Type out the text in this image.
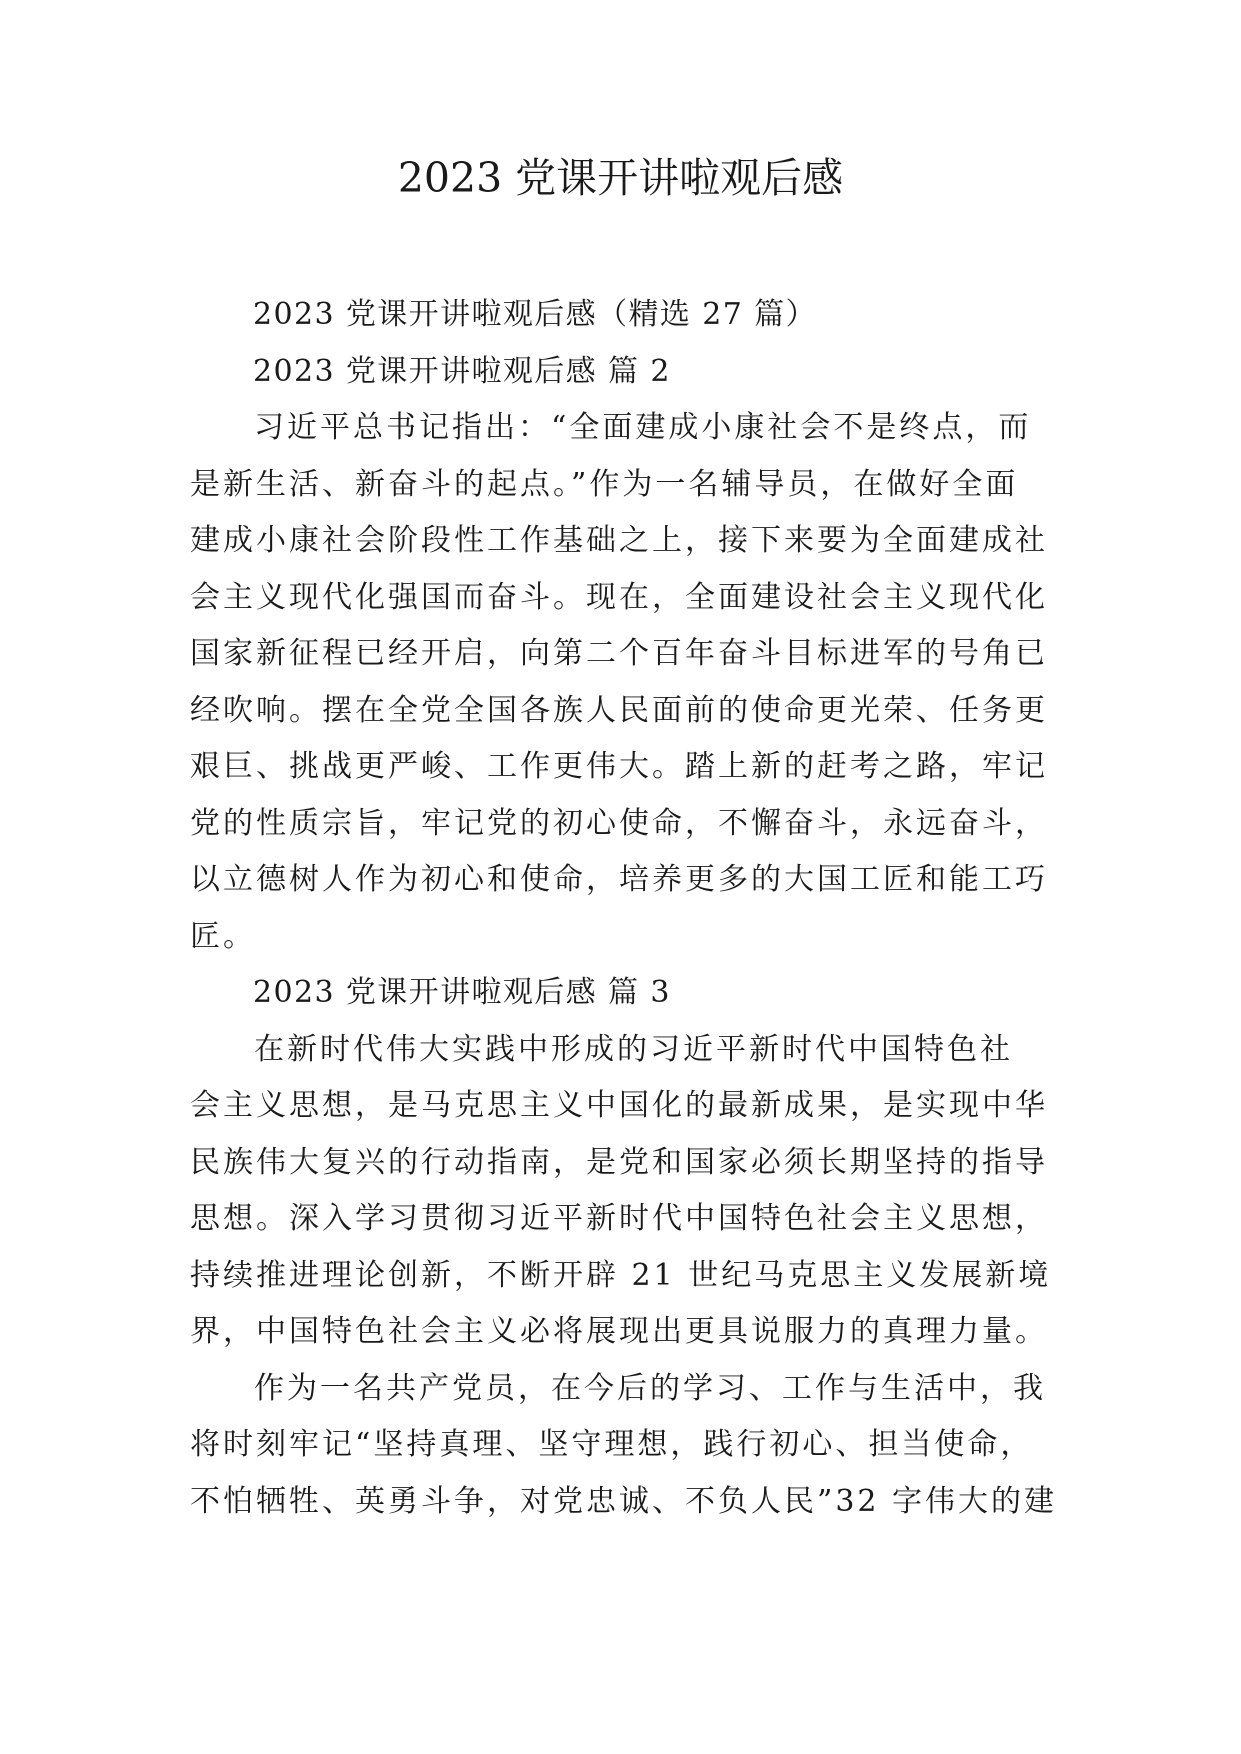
2023 党课开讲啦观后感
2023 党课开讲啦观后感（精选 27 篇）
2023 党课开讲啦观后感 篇 2
习近平总书记指出：“全面建成小康社会不是终点，而
是新生活、新奋斗的起点。”作为一名辅导员，在做好全面
建成小康社会阶段性工作基础之上，接下来要为全面建成社
会主义现代化强国而奋斗。现在，全面建设社会主义现代化
国家新征程已经开启，向第二个百年奋斗目标进军的号角已
经吹响。摆在全党全国各族人民面前的使命更光荣、任务更
艰巨、挑战更严峻、工作更伟大。踏上新的赶考之路，牢记
党的性质宗旨，牢记党的初心使命，不懈奋斗，永远奋斗，
以立德树人作为初心和使命，培养更多的大国工匠和能工巧
匠。
2023 党课开讲啦观后感 篇 3
在新时代伟大实践中形成的习近平新时代中国特色社
会主义思想，是马克思主义中国化的最新成果，是实现中华
民族伟大复兴的行动指南，是党和国家必须长期坚持的指导
思想。深入学习贯彻习近平新时代中国特色社会主义思想，
持续推进理论创新，不断开辟 21 世纪马克思主义发展新境
界，中国特色社会主义必将展现出更具说服力的真理力量。
作为一名共产党员，在今后的学习、工作与生活中，我
将时刻牢记“坚持真理、坚守理想，践行初心、担当使命，
不怕牺牲、英勇斗争，对党忠诚、不负人民”32 字伟大的建
